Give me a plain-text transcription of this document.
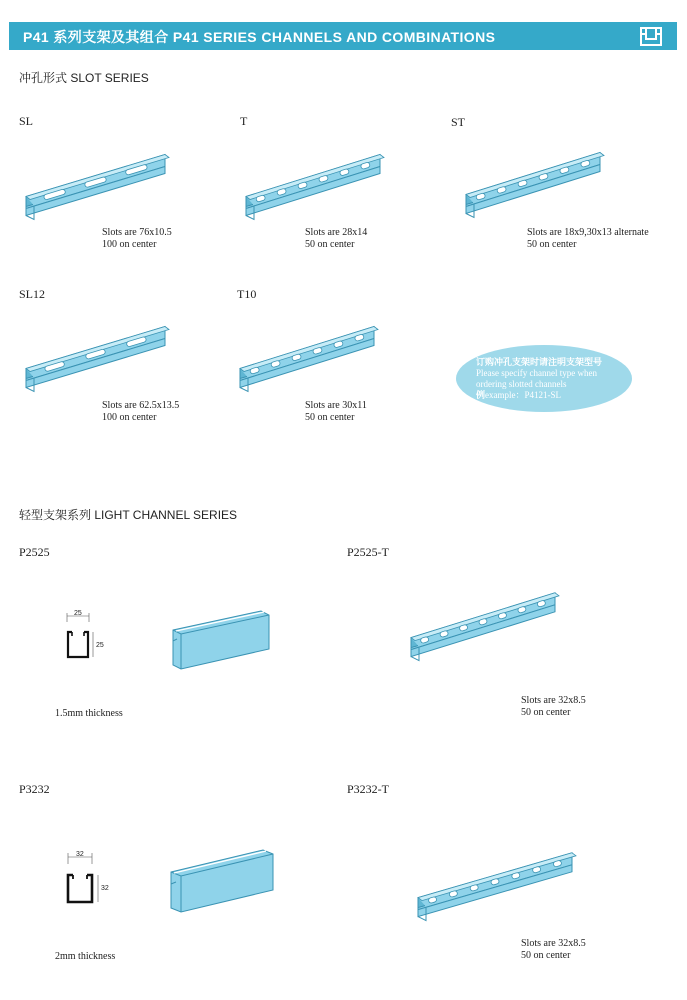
P41 系列支架及其组合 P41 SERIES CHANNELS AND COMBINATIONS
冲孔形式 SLOT SERIES
SL	T	ST
Slots are 76x10.5
100 on center
Slots are 28x14
50 on center
Slots are 18x9,30x13 alternate
50 on center
SL12	T10
Slots are 62.5x13.5
100 on center
Slots are 30x11
50 on center
订购冲孔支架时请注明支架型号
Please specify channel type when
ordering slotted channels
例example：P4121-SL
轻型支架系列 LIGHT CHANNEL SERIES
P2525	P2525-T
25
25
1.5mm thickness
Slots are 32x8.5
50 on center
P3232	P3232-T
32
32
2mm thickness
Slots are 32x8.5
50 on center
